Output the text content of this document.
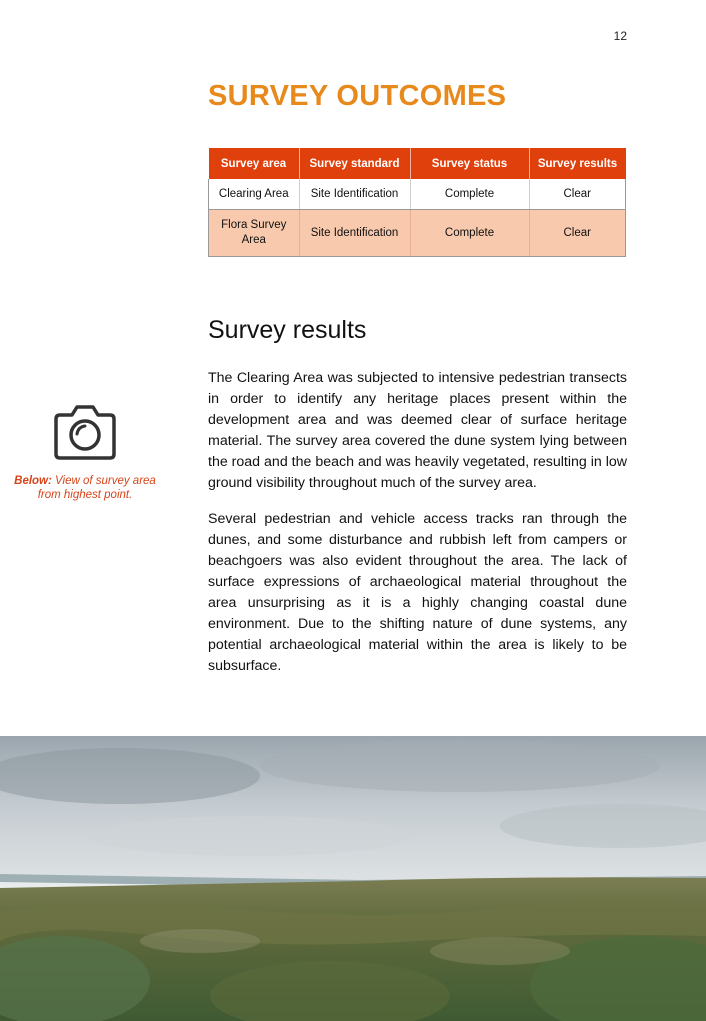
12
SURVEY OUTCOMES
Survey area	Survey standard	Survey status	Survey results
Clearing Area	Site Identification	Complete	Clear
Flora Survey Area	Site Identification	Complete	Clear
Survey results

The Clearing Area was subjected to intensive pedestrian transects in order to identify any heritage places present within the development area and was deemed clear of surface heritage material. The survey area covered the dune system lying between the road and the beach and was heavily vegetated, resulting in low ground visibility throughout much of the survey area.

Several pedestrian and vehicle access tracks ran through the dunes, and some disturbance and rubbish left from campers or beachgoers was also evident throughout the area. The lack of surface expressions of archaeological material throughout the area unsurprising as it is a highly changing coastal dune environment. Due to the shifting nature of dune systems, any potential archaeological material within the area is likely to be subsurface.

Below: View of survey area from highest point.
